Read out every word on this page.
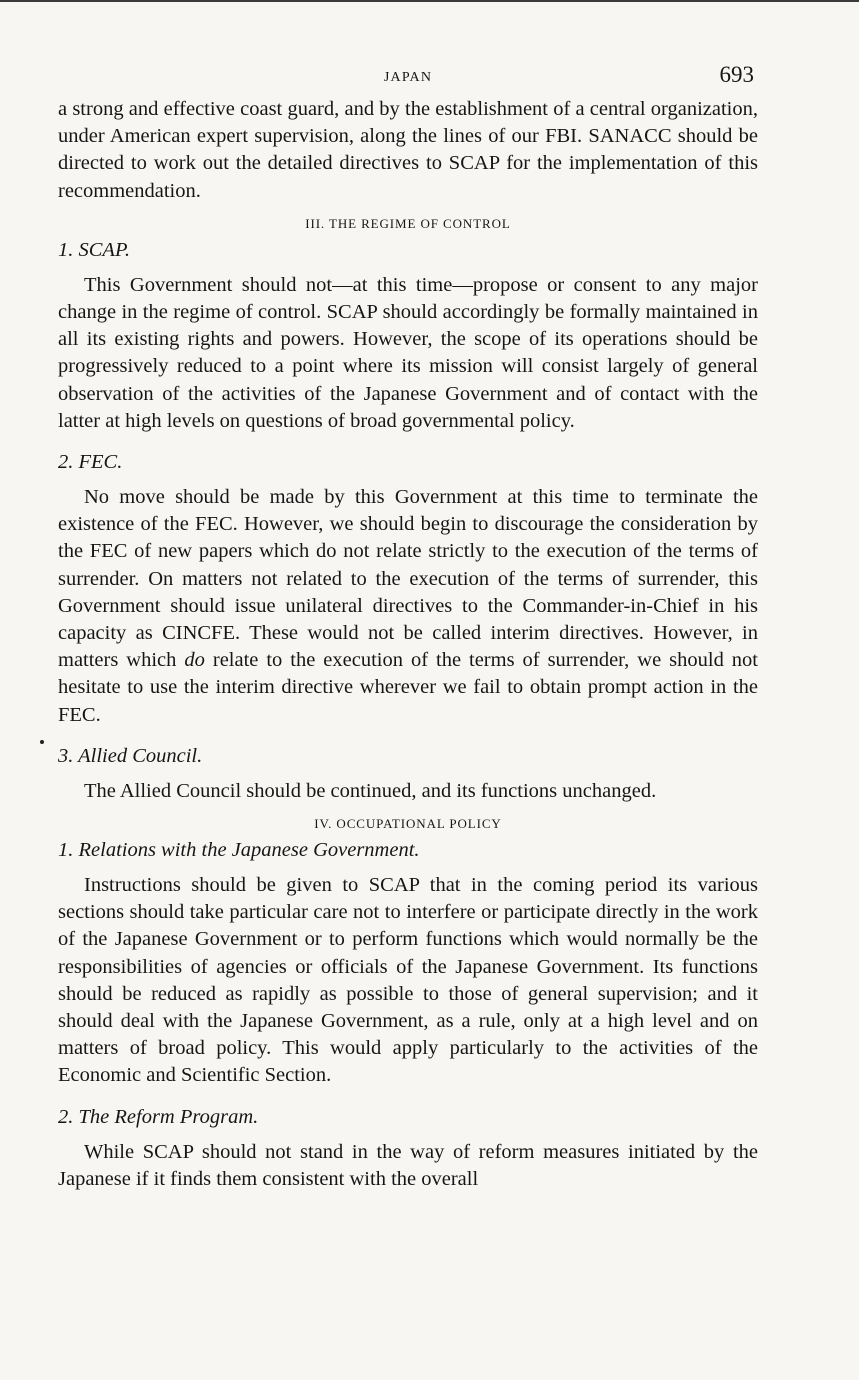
JAPAN	693

a strong and effective coast guard, and by the establishment of a central organization, under American expert supervision, along the lines of our FBI. SANACC should be directed to work out the detailed directives to SCAP for the implementation of this recommendation.

III. THE REGIME OF CONTROL
1. SCAP.

This Government should not—at this time—propose or consent to any major change in the regime of control. SCAP should accordingly be formally maintained in all its existing rights and powers. However, the scope of its operations should be progressively reduced to a point where its mission will consist largely of general observation of the activities of the Japanese Government and of contact with the latter at high levels on questions of broad governmental policy.

2. FEC.

No move should be made by this Government at this time to terminate the existence of the FEC. However, we should begin to discourage the consideration by the FEC of new papers which do not relate strictly to the execution of the terms of surrender. On matters not related to the execution of the terms of surrender, this Government should issue unilateral directives to the Commander-in-Chief in his capacity as CINCFE. These would not be called interim directives. However, in matters which do relate to the execution of the terms of surrender, we should not hesitate to use the interim directive wherever we fail to obtain prompt action in the FEC.

3. Allied Council.

The Allied Council should be continued, and its functions unchanged.

IV. OCCUPATIONAL POLICY
1. Relations with the Japanese Government.

Instructions should be given to SCAP that in the coming period its various sections should take particular care not to interfere or participate directly in the work of the Japanese Government or to perform functions which would normally be the responsibilities of agencies or officials of the Japanese Government. Its functions should be reduced as rapidly as possible to those of general supervision; and it should deal with the Japanese Government, as a rule, only at a high level and on matters of broad policy. This would apply particularly to the activities of the Economic and Scientific Section.

2. The Reform Program.

While SCAP should not stand in the way of reform measures initiated by the Japanese if it finds them consistent with the overall
